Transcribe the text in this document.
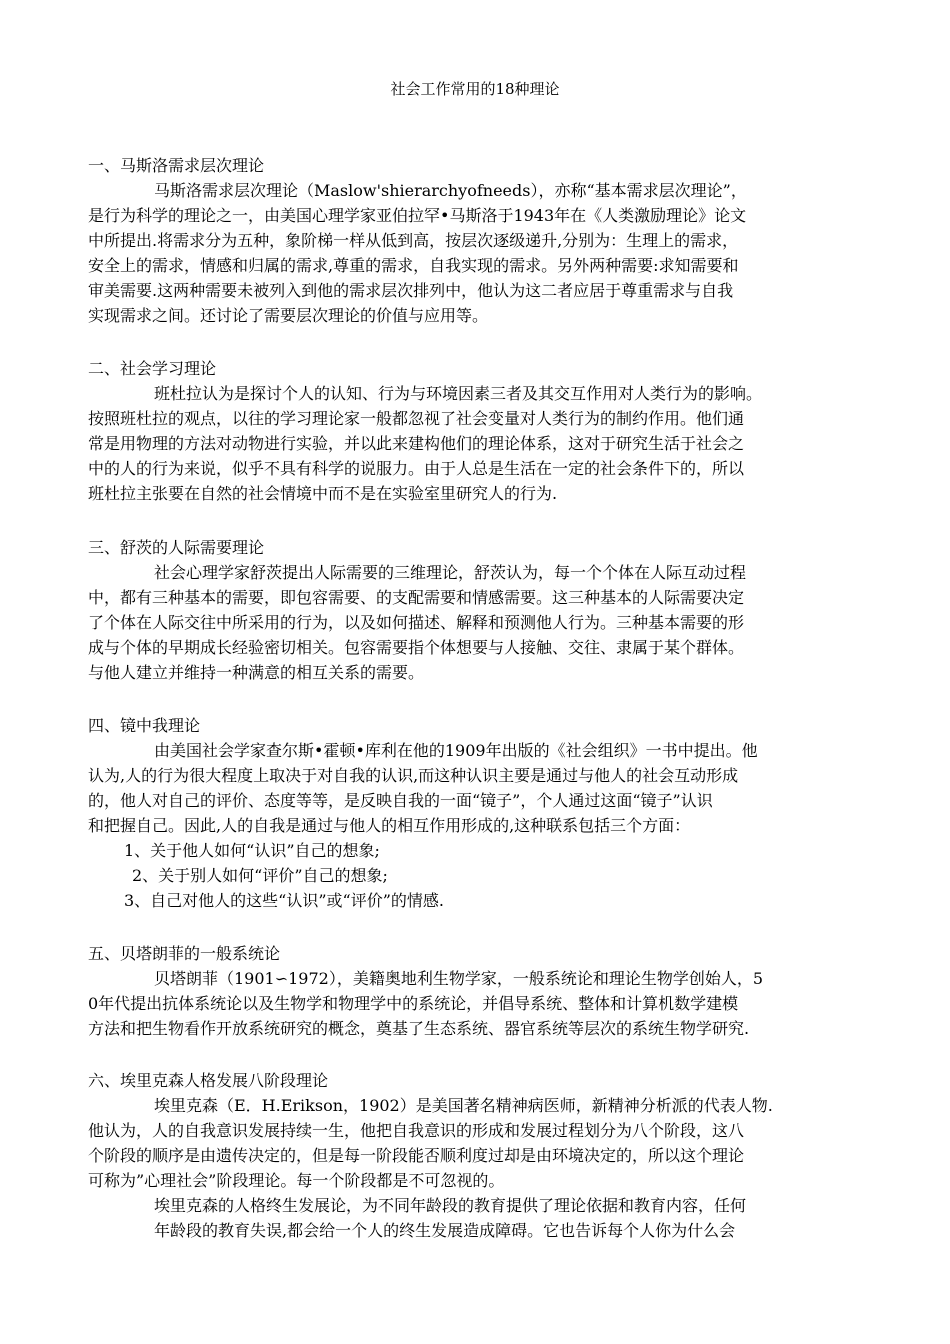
社会工作常用的18种理论
一、马斯洛需求层次理论
马斯洛需求层次理论（Maslow'shierarchyofneeds），亦称“基本需求层次理论”，
是行为科学的理论之一，由美国心理学家亚伯拉罕•马斯洛于1943年在《人类激励理论》论文
中所提出.将需求分为五种，象阶梯一样从低到高，按层次逐级递升,分别为：生理上的需求，
安全上的需求，情感和归属的需求,尊重的需求，自我实现的需求。另外两种需要:求知需要和
审美需要.这两种需要未被列入到他的需求层次排列中，他认为这二者应居于尊重需求与自我
实现需求之间。还讨论了需要层次理论的价值与应用等。
二、社会学习理论
班杜拉认为是探讨个人的认知、行为与环境因素三者及其交互作用对人类行为的影响。
按照班杜拉的观点，以往的学习理论家一般都忽视了社会变量对人类行为的制约作用。他们通
常是用物理的方法对动物进行实验，并以此来建构他们的理论体系，这对于研究生活于社会之
中的人的行为来说，似乎不具有科学的说服力。由于人总是生活在一定的社会条件下的，所以
班杜拉主张要在自然的社会情境中而不是在实验室里研究人的行为.
三、舒茨的人际需要理论
社会心理学家舒茨提出人际需要的三维理论，舒茨认为，每一个个体在人际互动过程
中，都有三种基本的需要，即包容需要、的支配需要和情感需要。这三种基本的人际需要决定
了个体在人际交往中所采用的行为，以及如何描述、解释和预测他人行为。三种基本需要的形
成与个体的早期成长经验密切相关。包容需要指个体想要与人接触、交往、隶属于某个群体。
与他人建立并维持一种满意的相互关系的需要。
四、镜中我理论
由美国社会学家查尔斯•霍顿•库利在他的1909年出版的《社会组织》一书中提出。他
认为,人的行为很大程度上取决于对自我的认识,而这种认识主要是通过与他人的社会互动形成
的，他人对自己的评价、态度等等，是反映自我的一面“镜子”，个人通过这面“镜子”认识
和把握自己。因此,人的自我是通过与他人的相互作用形成的,这种联系包括三个方面：
1、关于他人如何“认识”自己的想象;
2、关于别人如何“评价”自己的想象;
3、自己对他人的这些“认识”或“评价”的情感.
五、贝塔朗菲的一般系统论
贝塔朗菲（1901∽1972），美籍奥地利生物学家，一般系统论和理论生物学创始人，5
0年代提出抗体系统论以及生物学和物理学中的系统论，并倡导系统、整体和计算机数学建模
方法和把生物看作开放系统研究的概念，奠基了生态系统、器官系统等层次的系统生物学研究.
六、埃里克森人格发展八阶段理论
埃里克森（E．H.Erikson，1902）是美国著名精神病医师，新精神分析派的代表人物.
他认为，人的自我意识发展持续一生，他把自我意识的形成和发展过程划分为八个阶段，这八
个阶段的顺序是由遗传决定的，但是每一阶段能否顺利度过却是由环境决定的，所以这个理论
可称为”心理社会”阶段理论。每一个阶段都是不可忽视的。
埃里克森的人格终生发展论，为不同年龄段的教育提供了理论依据和教育内容，任何
年龄段的教育失误,都会给一个人的终生发展造成障碍。它也告诉每个人你为什么会
